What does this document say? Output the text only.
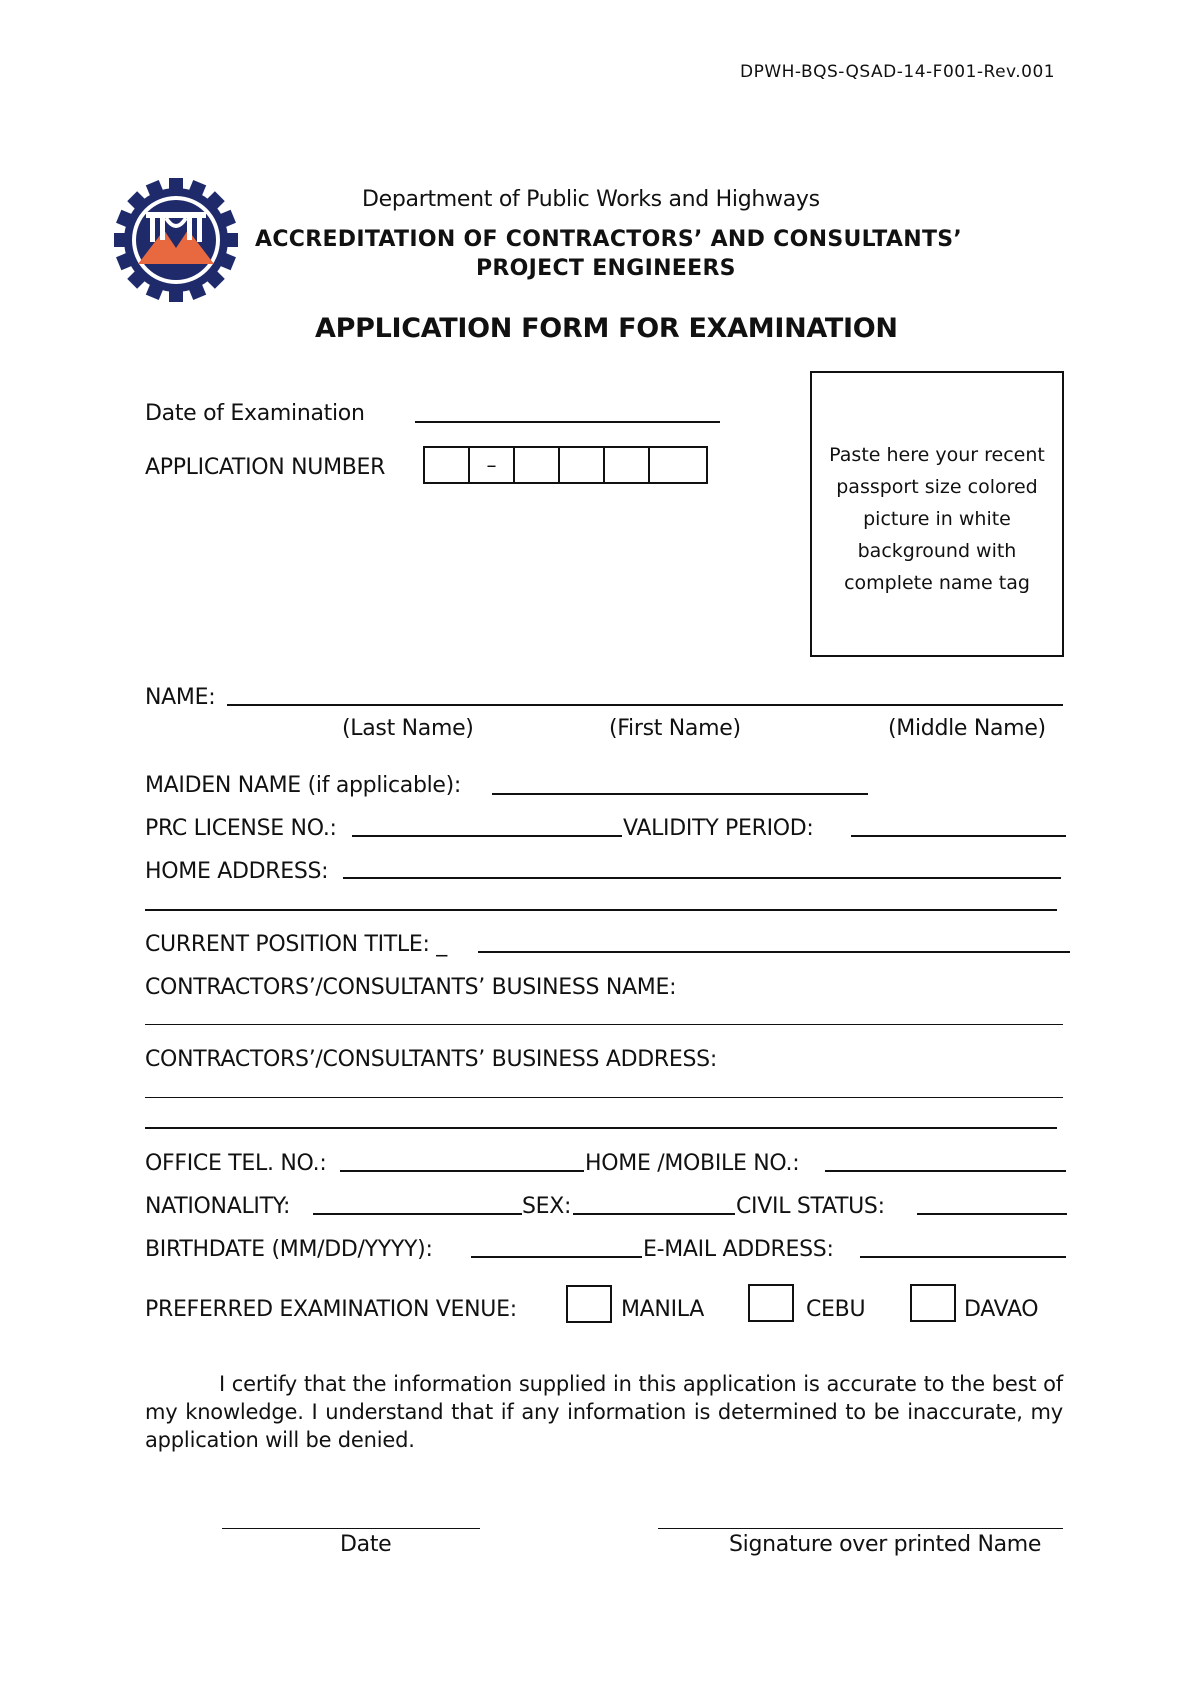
DPWH-BQS-QSAD-14-F001-Rev.001
Department of Public Works and Highways
ACCREDITATION OF CONTRACTORS’ AND CONSULTANTS’
PROJECT ENGINEERS
APPLICATION FORM FOR EXAMINATION
Date of Examination
APPLICATION NUMBER	–	Paste here your recent
passport size colored
picture in white
background with
complete name tag
NAME:
(Last Name)	(First Name)	(Middle Name)
MAIDEN NAME (if applicable):
PRC LICENSE NO.:	VALIDITY PERIOD:
HOME ADDRESS:
CURRENT POSITION TITLE: _
CONTRACTORS’/CONSULTANTS’ BUSINESS NAME:
CONTRACTORS’/CONSULTANTS’ BUSINESS ADDRESS:
OFFICE TEL. NO.:	HOME /MOBILE NO.:
NATIONALITY:	SEX:	CIVIL STATUS:
BIRTHDATE (MM/DD/YYYY):	E-MAIL ADDRESS:
PREFERRED EXAMINATION VENUE:	MANILA	CEBU	DAVAO
I certify that the information supplied in this application is accurate to the best of my knowledge. I understand that if any information is determined to be inaccurate, my application will be denied.
Date	Signature over printed Name
